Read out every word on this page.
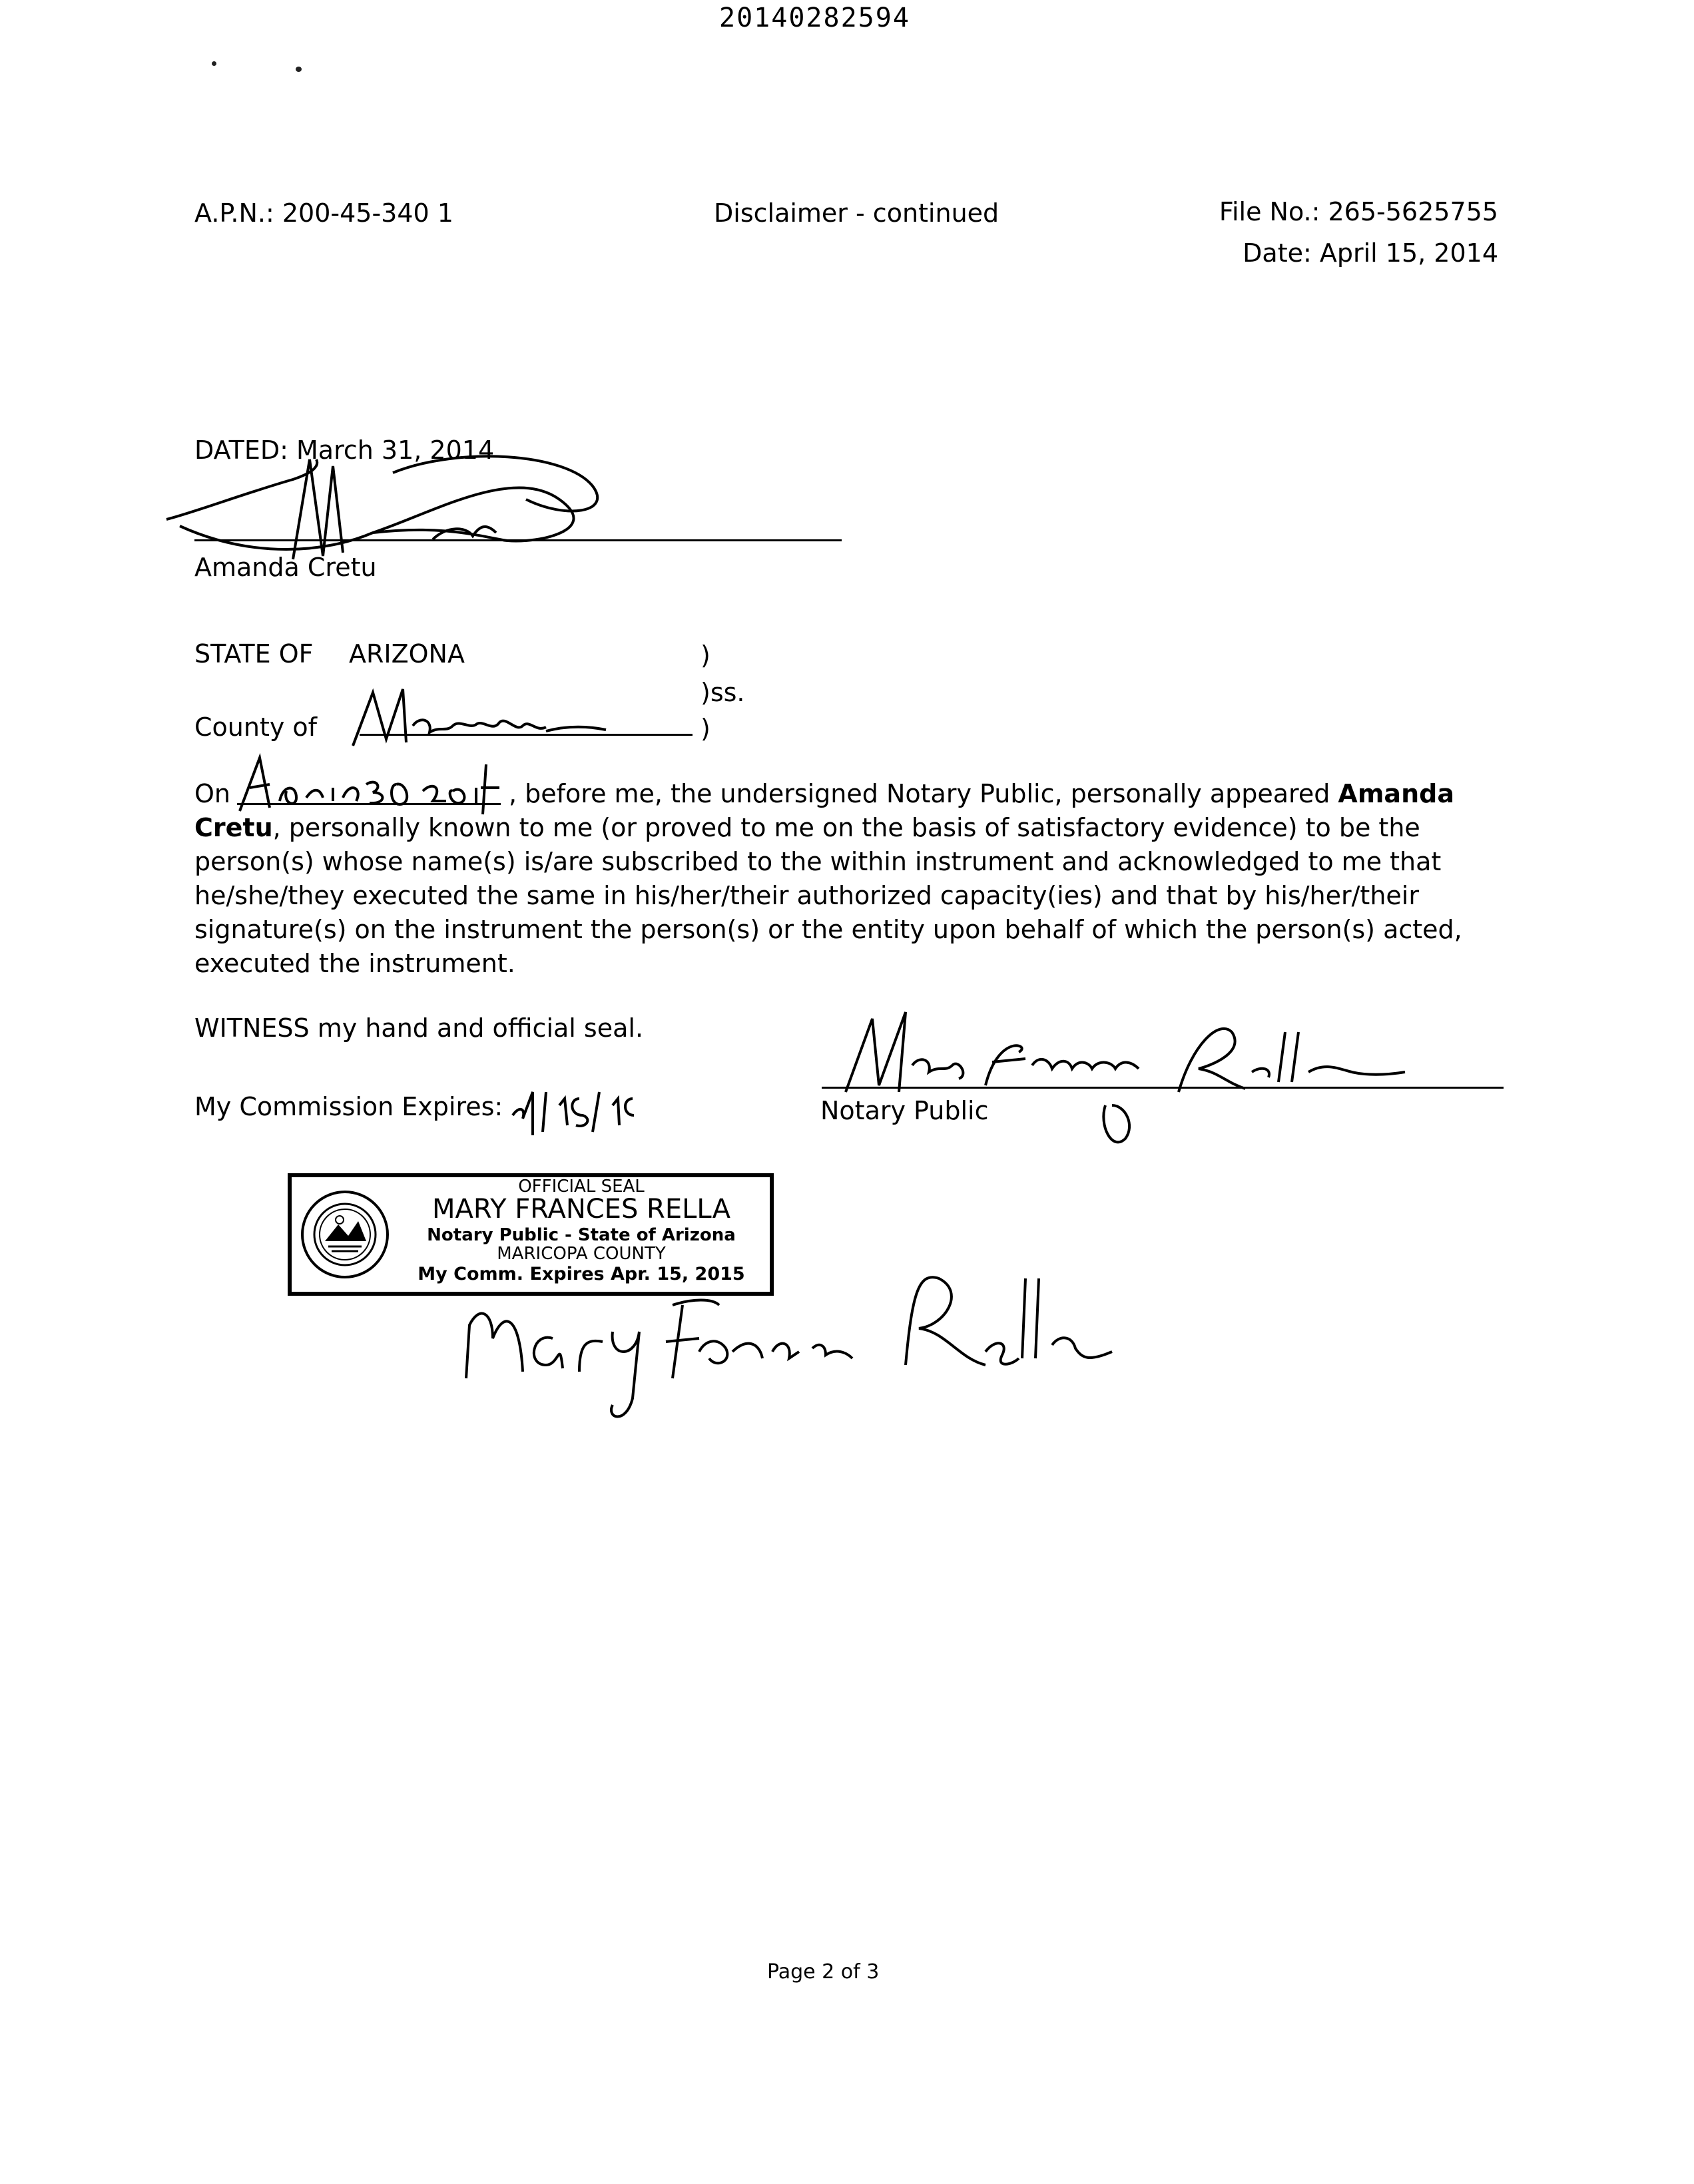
20140282594
A.P.N.: 200-45-340 1	Disclaimer - continued	File No.: 265-5625755
Date: April 15, 2014
DATED: March 31, 2014
Amanda Cretu
STATE OF ARIZONA	)
)ss.
County of	)
On	, before me, the undersigned Notary Public, personally appeared Amanda Cretu, personally known to me (or proved to me on the basis of satisfactory evidence) to be the person(s) whose name(s) is/are subscribed to the within instrument and acknowledged to me that he/she/they executed the same in his/her/their authorized capacity(ies) and that by his/her/their signature(s) on the instrument the person(s) or the entity upon behalf of which the person(s) acted, executed the instrument.
WITNESS my hand and official seal.
My Commission Expires:	Notary Public
OFFICIAL SEAL
MARY FRANCES RELLA
Notary Public - State of Arizona
MARICOPA COUNTY
My Comm. Expires Apr. 15, 2015
Page 2 of 3
